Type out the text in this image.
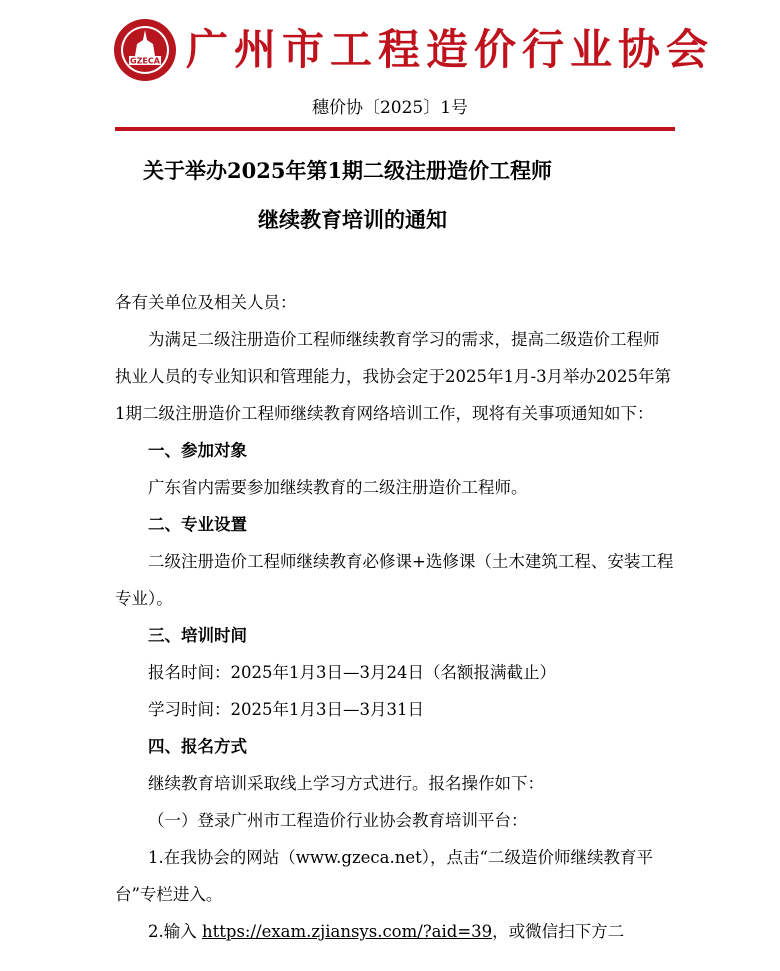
GZECA 广州市工程造价行业协会
穗价协〔2025〕1号
关于举办2025年第1期二级注册造价工程师
继续教育培训的通知

各有关单位及相关人员：

为满足二级注册造价工程师继续教育学习的需求，提高二级造价工程师执业人员的专业知识和管理能力，我协会定于2025年1月-3月举办2025年第1期二级注册造价工程师继续教育网络培训工作，现将有关事项通知如下：

一、参加对象

广东省内需要参加继续教育的二级注册造价工程师。

二、专业设置

二级注册造价工程师继续教育必修课+选修课（土木建筑工程、安装工程专业）。

三、培训时间

报名时间：2025年1月3日—3月24日（名额报满截止）

学习时间：2025年1月3日—3月31日

四、报名方式

继续教育培训采取线上学习方式进行。报名操作如下：

（一）登录广州市工程造价行业协会教育培训平台：

1.在我协会的网站（www.gzeca.net），点击“二级造价师继续教育平台”专栏进入。

2.输入 https://exam.zjiansys.com/?aid=39，或微信扫下方二
